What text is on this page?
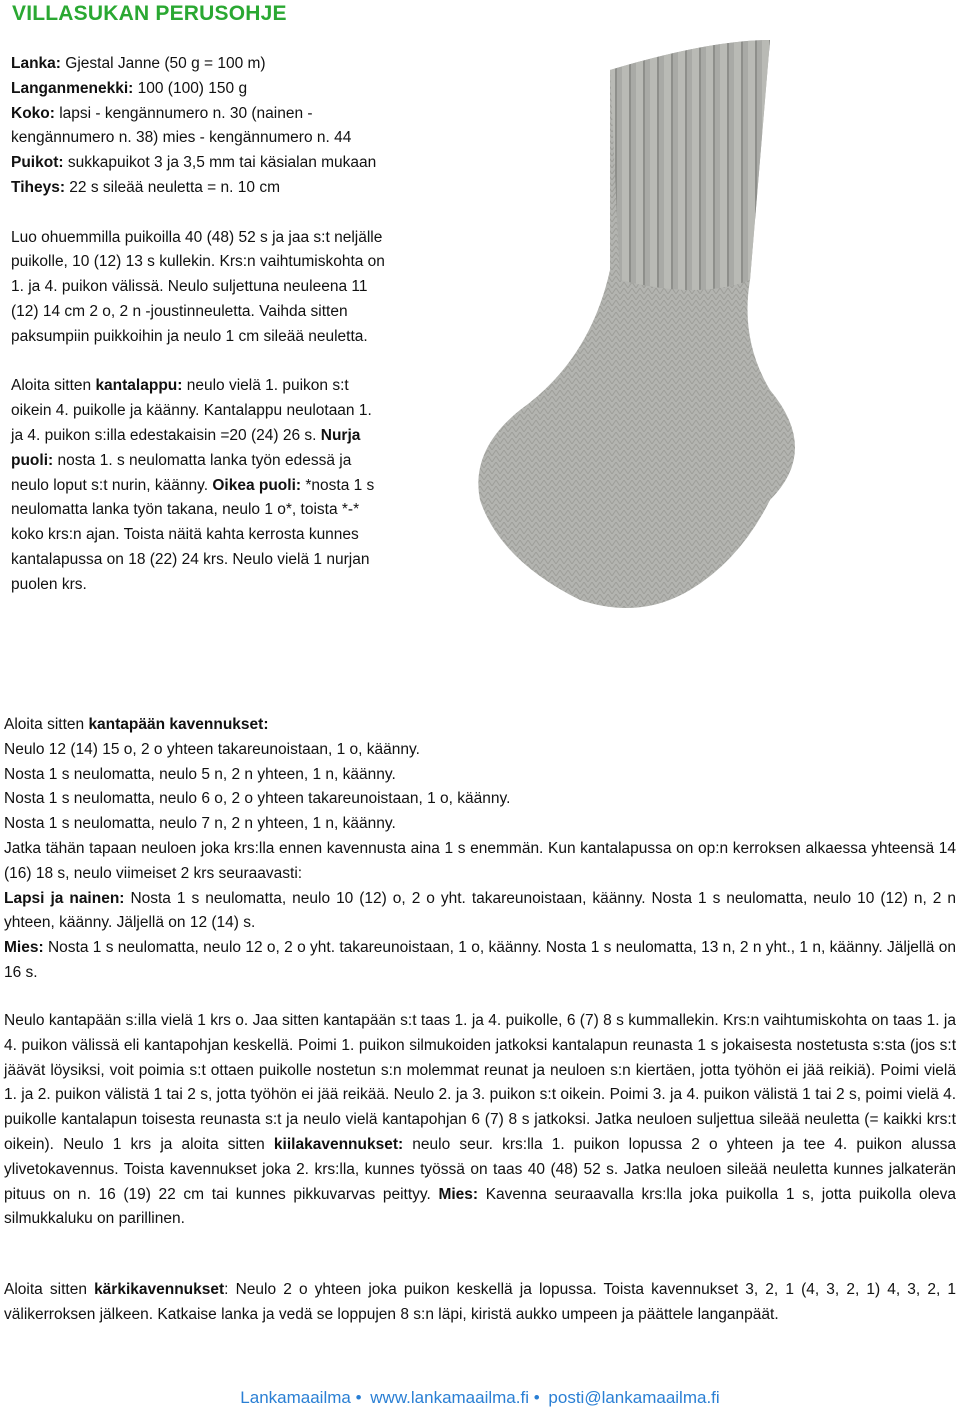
VILLASUKAN PERUSOHJE

Lanka: Gjestal Janne (50 g = 100 m)

Langanmenekki: 100 (100) 150 g

Koko: lapsi - kengännumero n. 30 (nainen - kengännumero n. 38) mies - kengännumero n. 44

Puikot: sukkapuikot 3 ja 3,5 mm tai käsialan mukaan

Tiheys: 22 s sileää neuletta = n. 10 cm

Luo ohuemmilla puikoilla 40 (48) 52 s ja jaa s:t neljälle puikolle, 10 (12) 13 s kullekin. Krs:n vaihtumiskohta on 1. ja 4. puikon välissä. Neulo suljettuna neuleena 11 (12) 14 cm 2 o, 2 n -joustinneuletta. Vaihda sitten paksumpiin puikkoihin ja neulo 1 cm sileää neuletta.

Aloita sitten kantalappu: neulo vielä 1. puikon s:t oikein 4. puikolle ja käänny. Kantalappu neulotaan 1. ja 4. puikon s:illa edestakaisin =20 (24) 26 s. Nurja puoli: nosta 1. s neulomatta lanka työn edessä ja neulo loput s:t nurin, käänny. Oikea puoli: *nosta 1 s neulomatta lanka työn takana, neulo 1 o*, toista *-* koko krs:n ajan. Toista näitä kahta kerrosta kunnes kantalapussa on 18 (22) 24 krs. Neulo vielä 1 nurjan puolen krs.

Aloita sitten kantapään kavennukset:

Neulo 12 (14) 15 o, 2 o yhteen takareunoistaan, 1 o, käänny.

Nosta 1 s neulomatta, neulo 5 n, 2 n yhteen, 1 n, käänny.

Nosta 1 s neulomatta, neulo 6 o, 2 o yhteen takareunoistaan, 1 o, käänny.

Nosta 1 s neulomatta, neulo 7 n, 2 n yhteen, 1 n, käänny.

Jatka tähän tapaan neuloen joka krs:lla ennen kavennusta aina 1 s enemmän. Kun kantalapussa on op:n kerroksen alkaessa yhteensä 14 (16) 18 s, neulo viimeiset 2 krs seuraavasti:

Lapsi ja nainen: Nosta 1 s neulomatta, neulo 10 (12) o, 2 o yht. takareunoistaan, käänny. Nosta 1 s neulomatta, neulo 10 (12) n, 2 n yhteen, käänny. Jäljellä on 12 (14) s.

Mies: Nosta 1 s neulomatta, neulo 12 o, 2 o yht. takareunoistaan, 1 o, käänny. Nosta 1 s neulomatta, 13 n, 2 n yht., 1 n, käänny. Jäljellä on 16 s.

Neulo kantapään s:illa vielä 1 krs o. Jaa sitten kantapään s:t taas 1. ja 4. puikolle, 6 (7) 8 s kummallekin. Krs:n vaihtumiskohta on taas 1. ja 4. puikon välissä eli kantapohjan keskellä. Poimi 1. puikon silmukoiden jatkoksi kantalapun reunasta 1 s jokaisesta nostetusta s:sta (jos s:t jäävät löysiksi, voit poimia s:t ottaen puikolle nostetun s:n molemmat reunat ja neuloen s:n kiertäen, jotta työhön ei jää reikiä). Poimi vielä 1. ja 2. puikon välistä 1 tai 2 s, jotta työhön ei jää reikää. Neulo 2. ja 3. puikon s:t oikein. Poimi 3. ja 4. puikon välistä 1 tai 2 s, poimi vielä 4. puikolle kantalapun toisesta reunasta s:t ja neulo vielä kantapohjan 6 (7) 8 s jatkoksi. Jatka neuloen suljettua sileää neuletta (= kaikki krs:t oikein). Neulo 1 krs ja aloita sitten kiilakavennukset: neulo seur. krs:lla 1. puikon lopussa 2 o yhteen ja tee 4. puikon alussa ylivetokavennus. Toista kavennukset joka 2. krs:lla, kunnes työssä on taas 40 (48) 52 s. Jatka neuloen sileää neuletta kunnes jalkaterän pituus on n. 16 (19) 22 cm tai kunnes pikkuvarvas peittyy. Mies: Kavenna seuraavalla krs:lla joka puikolla 1 s, jotta puikolla oleva silmukkaluku on parillinen.

Aloita sitten kärkikavennukset: Neulo 2 o yhteen joka puikon keskellä ja lopussa. Toista kavennukset 3, 2, 1 (4, 3, 2, 1) 4, 3, 2, 1 välikerroksen jälkeen. Katkaise lanka ja vedä se loppujen 8 s:n läpi, kiristä aukko umpeen ja päättele langanpäät.

Lankamaailma • www.lankamaailma.fi • posti@lankamaailma.fi
